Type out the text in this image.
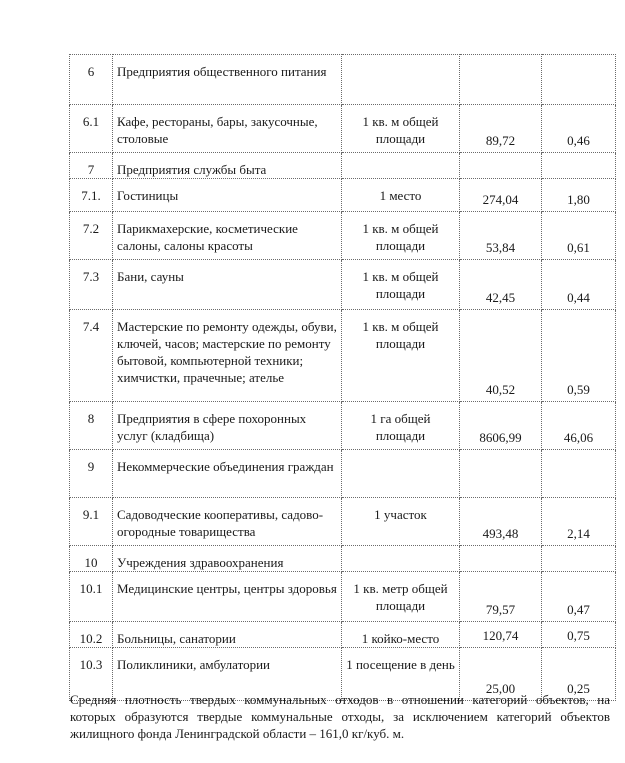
6	Предприятия общественного питания			
6.1	Кафе, рестораны, бары, закусочные, столовые	1 кв. м общей площади	89,72	0,46
7	Предприятия службы быта			
7.1.	Гостиницы	1 место	274,04	1,80
7.2	Парикмахерские, косметические салоны, салоны красоты	1 кв. м общей площади	53,84	0,61
7.3	Бани, сауны	1 кв. м общей площади	42,45	0,44
7.4	Мастерские по ремонту одежды, обуви, ключей, часов; мастерские по ремонту бытовой, компьютерной техники; химчистки, прачечные; ателье	1 кв. м общей площади	40,52	0,59
8	Предприятия в сфере похоронных услуг (кладбища)	1 га общей площади	8606,99	46,06
9	Некоммерческие объединения граждан			
9.1	Садоводческие кооперативы, садово-огородные товарищества	1 участок	493,48	2,14
10	Учреждения здравоохранения			
10.1	Медицинские центры, центры здоровья	1 кв. метр общей площади	79,57	0,47
10.2	Больницы, санатории	1 койко-место	120,74	0,75
10.3	Поликлиники, амбулатории	1 посещение в день	25,00	0,25

Средняя плотность твердых коммунальных отходов в отношении категорий объектов, на которых образуются твердые коммунальные отходы, за исключением категорий объектов жилищного фонда Ленинградской области – 161,0 кг/куб. м.
